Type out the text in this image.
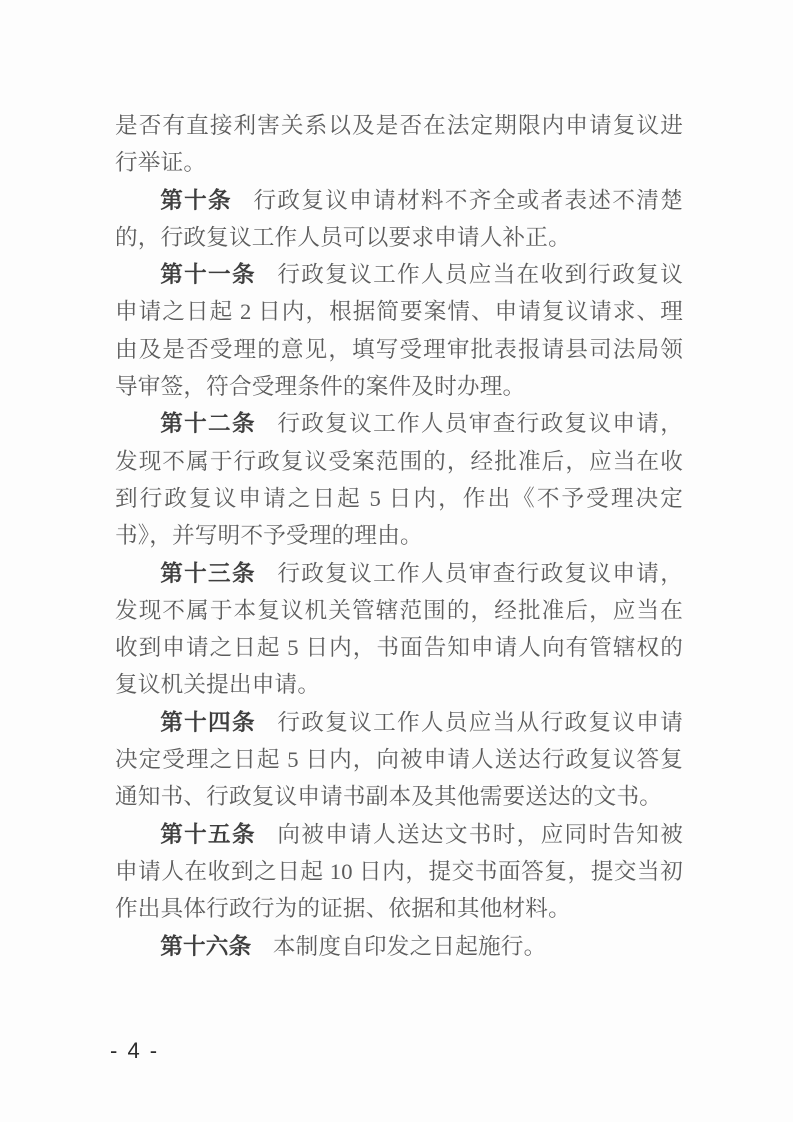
是否有直接利害关系以及是否在法定期限内申请复议进行举证。

第十条 行政复议申请材料不齐全或者表述不清楚的，行政复议工作人员可以要求申请人补正。

第十一条 行政复议工作人员应当在收到行政复议申请之日起 2 日内，根据简要案情、申请复议请求、理由及是否受理的意见，填写受理审批表报请县司法局领导审签，符合受理条件的案件及时办理。

第十二条 行政复议工作人员审查行政复议申请，发现不属于行政复议受案范围的，经批准后，应当在收到行政复议申请之日起 5 日内，作出《不予受理决定书》，并写明不予受理的理由。

第十三条 行政复议工作人员审查行政复议申请，发现不属于本复议机关管辖范围的，经批准后，应当在收到申请之日起 5 日内，书面告知申请人向有管辖权的复议机关提出申请。

第十四条 行政复议工作人员应当从行政复议申请决定受理之日起 5 日内，向被申请人送达行政复议答复通知书、行政复议申请书副本及其他需要送达的文书。

第十五条 向被申请人送达文书时，应同时告知被申请人在收到之日起 10 日内，提交书面答复，提交当初作出具体行政行为的证据、依据和其他材料。

第十六条 本制度自印发之日起施行。

- 4 -
